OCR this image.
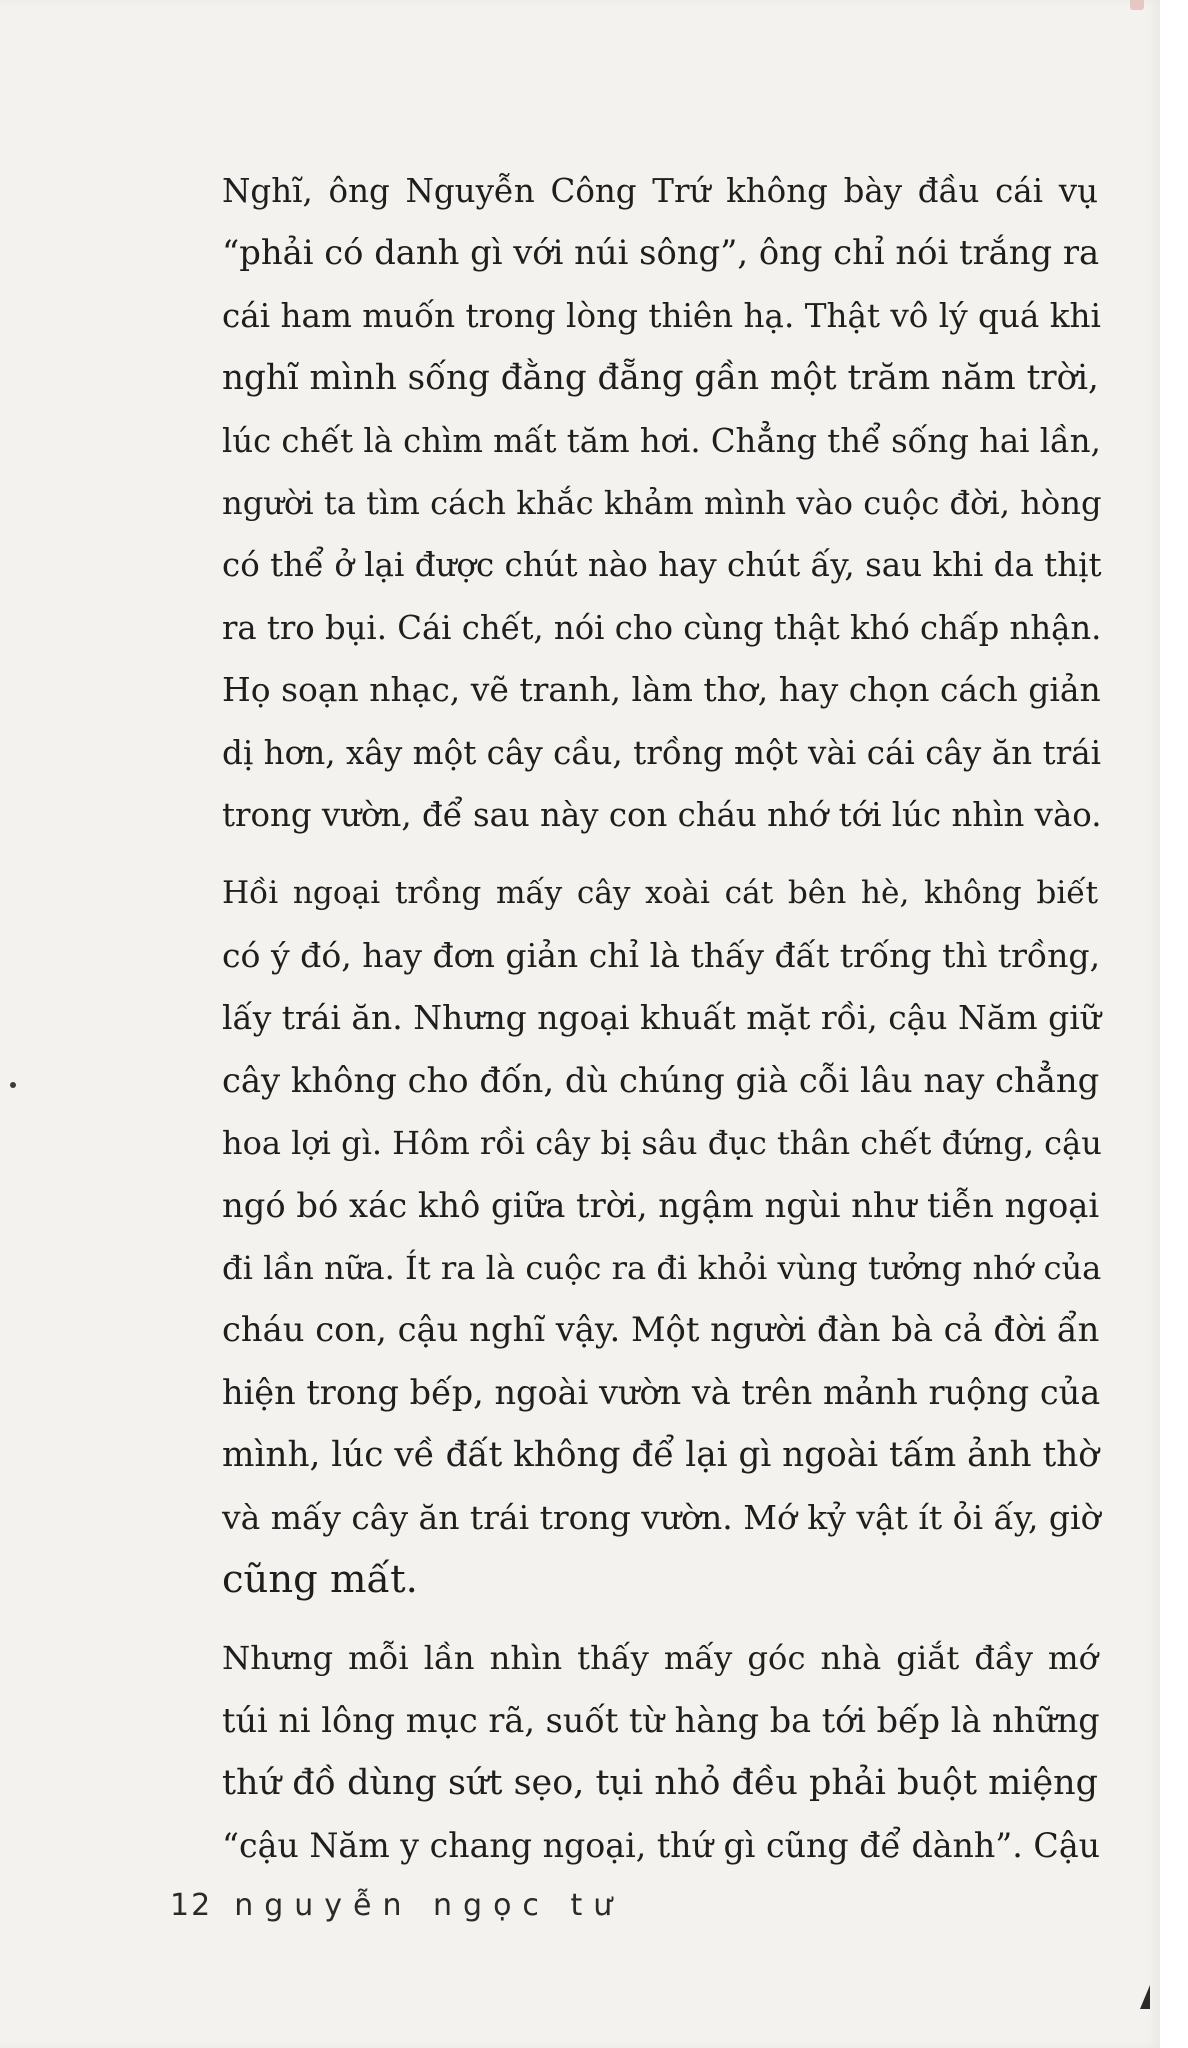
Nghĩ, ông Nguyễn Công Trứ không bày đầu cái vụ
“phải có danh gì với núi sông”, ông chỉ nói trắng ra
cái ham muốn trong lòng thiên hạ. Thật vô lý quá khi
nghĩ mình sống đằng đẵng gần một trăm năm trời,
lúc chết là chìm mất tăm hơi. Chẳng thể sống hai lần,
người ta tìm cách khắc khảm mình vào cuộc đời, hòng
có thể ở lại được chút nào hay chút ấy, sau khi da thịt
ra tro bụi. Cái chết, nói cho cùng thật khó chấp nhận.
Họ soạn nhạc, vẽ tranh, làm thơ, hay chọn cách giản
dị hơn, xây một cây cầu, trồng một vài cái cây ăn trái
trong vườn, để sau này con cháu nhớ tới lúc nhìn vào.

Hồi ngoại trồng mấy cây xoài cát bên hè, không biết
có ý đó, hay đơn giản chỉ là thấy đất trống thì trồng,
lấy trái ăn. Nhưng ngoại khuất mặt rồi, cậu Năm giữ
cây không cho đốn, dù chúng già cỗi lâu nay chẳng
hoa lợi gì. Hôm rồi cây bị sâu đục thân chết đứng, cậu
ngó bó xác khô giữa trời, ngậm ngùi như tiễn ngoại
đi lần nữa. Ít ra là cuộc ra đi khỏi vùng tưởng nhớ của
cháu con, cậu nghĩ vậy. Một người đàn bà cả đời ẩn
hiện trong bếp, ngoài vườn và trên mảnh ruộng của
mình, lúc về đất không để lại gì ngoài tấm ảnh thờ
và mấy cây ăn trái trong vườn. Mớ kỷ vật ít ỏi ấy, giờ
cũng mất.

Nhưng mỗi lần nhìn thấy mấy góc nhà giắt đầy mớ
túi ni lông mục rã, suốt từ hàng ba tới bếp là những
thứ đồ dùng sứt sẹo, tụi nhỏ đều phải buột miệng
“cậu Năm y chang ngoại, thứ gì cũng để dành”. Cậu

12 nguyễn ngọc tư
